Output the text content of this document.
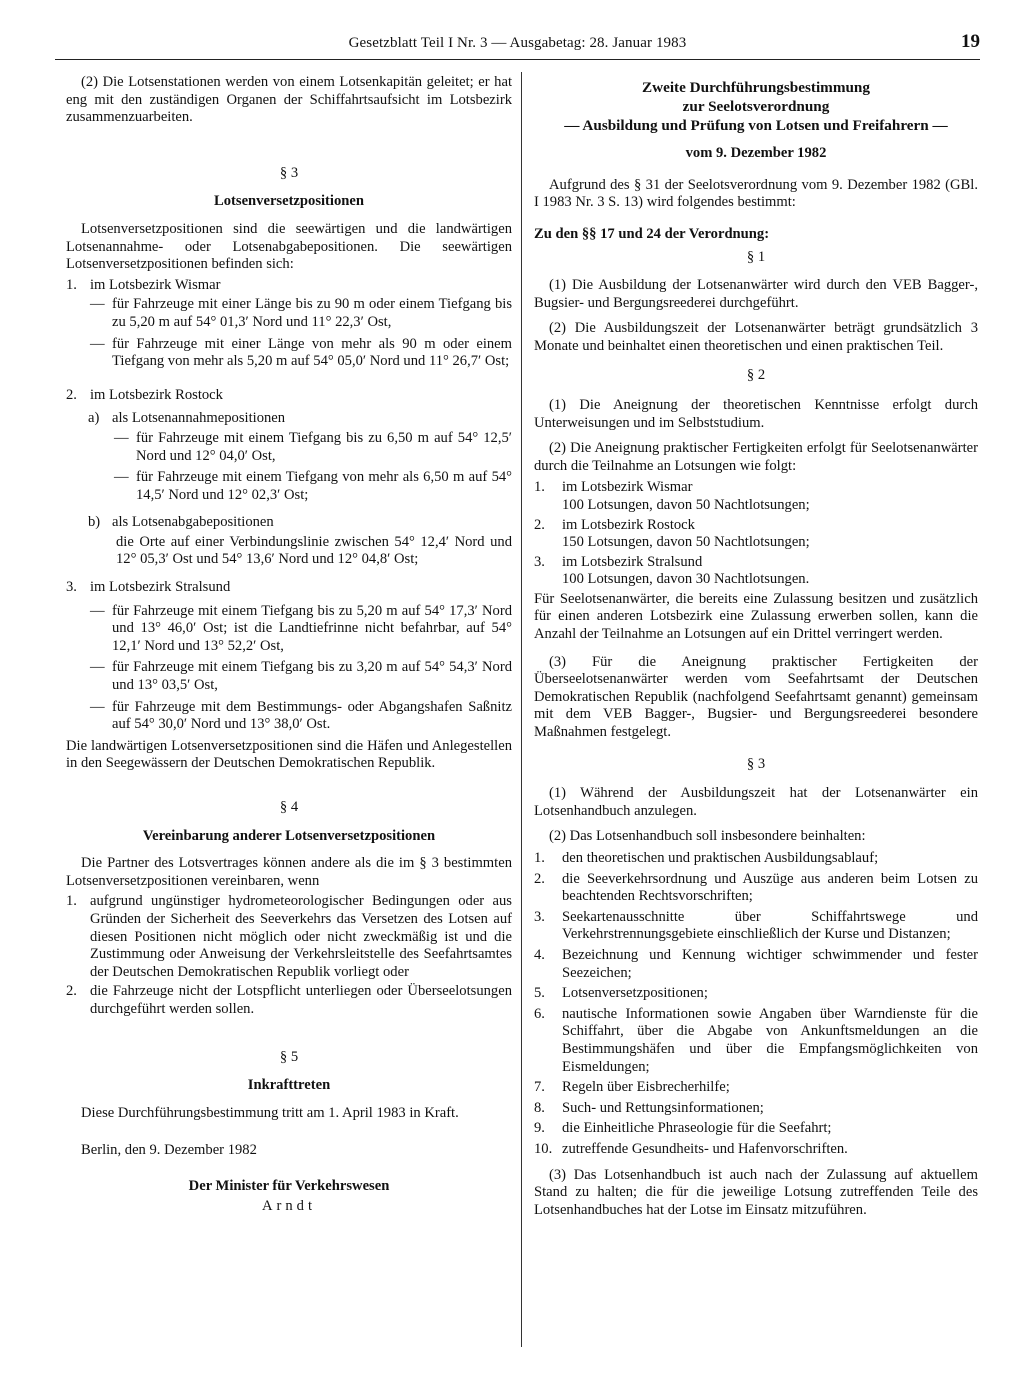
Gesetzblatt Teil I Nr. 3 — Ausgabetag: 28. Januar 1983	19

(2) Die Lotsenstationen werden von einem Lotsenkapitän geleitet; er hat eng mit den zuständigen Organen der Schiffahrtsaufsicht im Lotsbezirk zusammenzuarbeiten.

§ 3

Lotsenversetzpositionen

Lotsenversetzpositionen sind die seewärtigen und die landwärtigen Lotsenannahme- oder Lotsenabgabepositionen. Die seewärtigen Lotsenversetzpositionen befinden sich:

1. im Lotsbezirk Wismar
— für Fahrzeuge mit einer Länge bis zu 90 m oder einem Tiefgang bis zu 5,20 m auf 54° 01,3′ Nord und 11° 22,3′ Ost,
— für Fahrzeuge mit einer Länge von mehr als 90 m oder einem Tiefgang von mehr als 5,20 m auf 54° 05,0′ Nord und 11° 26,7′ Ost;
2. im Lotsbezirk Rostock
a) als Lotsenannahmepositionen
— für Fahrzeuge mit einem Tiefgang bis zu 6,50 m auf 54° 12,5′ Nord und 12° 04,0′ Ost,
— für Fahrzeuge mit einem Tiefgang von mehr als 6,50 m auf 54° 14,5′ Nord und 12° 02,3′ Ost;
b) als Lotsenabgabepositionen

die Orte auf einer Verbindungslinie zwischen 54° 12,4′ Nord und 12° 05,3′ Ost und 54° 13,6′ Nord und 12° 04,8′ Ost;

3. im Lotsbezirk Stralsund
— für Fahrzeuge mit einem Tiefgang bis zu 5,20 m auf 54° 17,3′ Nord und 13° 46,0′ Ost; ist die Landtiefrinne nicht befahrbar, auf 54° 12,1′ Nord und 13° 52,2′ Ost,
— für Fahrzeuge mit einem Tiefgang bis zu 3,20 m auf 54° 54,3′ Nord und 13° 03,5′ Ost,
— für Fahrzeuge mit dem Bestimmungs- oder Abgangshafen Saßnitz auf 54° 30,0′ Nord und 13° 38,0′ Ost.

Die landwärtigen Lotsenversetzpositionen sind die Häfen und Anlegestellen in den Seegewässern der Deutschen Demokratischen Republik.

§ 4

Vereinbarung anderer Lotsenversetzpositionen

Die Partner des Lotsvertrages können andere als die im § 3 bestimmten Lotsenversetzpositionen vereinbaren, wenn

1. aufgrund ungünstiger hydrometeorologischer Bedingungen oder aus Gründen der Sicherheit des Seeverkehrs das Versetzen des Lotsen auf diesen Positionen nicht möglich oder nicht zweckmäßig ist und die Zustimmung oder Anweisung der Verkehrsleitstelle des Seefahrtsamtes der Deutschen Demokratischen Republik vorliegt oder
2. die Fahrzeuge nicht der Lotspflicht unterliegen oder Überseelotsungen durchgeführt werden sollen.

§ 5

Inkrafttreten

Diese Durchführungsbestimmung tritt am 1. April 1983 in Kraft.

Berlin, den 9. Dezember 1982

Der Minister für Verkehrswesen

Arndt

Zweite Durchführungsbestimmung

zur Seelotsverordnung

— Ausbildung und Prüfung von Lotsen und Freifahrern —

vom 9. Dezember 1982

Aufgrund des § 31 der Seelotsverordnung vom 9. Dezember 1982 (GBl. I 1983 Nr. 3 S. 13) wird folgendes bestimmt:

Zu den §§ 17 und 24 der Verordnung:

§ 1

(1) Die Ausbildung der Lotsenanwärter wird durch den VEB Bagger-, Bugsier- und Bergungsreederei durchgeführt.

(2) Die Ausbildungszeit der Lotsenanwärter beträgt grundsätzlich 3 Monate und beinhaltet einen theoretischen und einen praktischen Teil.

§ 2

(1) Die Aneignung der theoretischen Kenntnisse erfolgt durch Unterweisungen und im Selbststudium.

(2) Die Aneignung praktischer Fertigkeiten erfolgt für Seelotsenanwärter durch die Teilnahme an Lotsungen wie folgt:

1.	im Lotsbezirk Wismar
100 Lotsungen, davon 50 Nachtlotsungen;
2.	im Lotsbezirk Rostock
150 Lotsungen, davon 50 Nachtlotsungen;
3.	im Lotsbezirk Stralsund
100 Lotsungen, davon 30 Nachtlotsungen.

Für Seelotsenanwärter, die bereits eine Zulassung besitzen und zusätzlich für einen anderen Lotsbezirk eine Zulassung erwerben sollen, kann die Anzahl der Teilnahme an Lotsungen auf ein Drittel verringert werden.

(3) Für die Aneignung praktischer Fertigkeiten der Überseelotsenanwärter werden vom Seefahrtsamt der Deutschen Demokratischen Republik (nachfolgend Seefahrtsamt genannt) gemeinsam mit dem VEB Bagger-, Bugsier- und Bergungsreederei besondere Maßnahmen festgelegt.

§ 3

(1) Während der Ausbildungszeit hat der Lotsenanwärter ein Lotsenhandbuch anzulegen.

(2) Das Lotsenhandbuch soll insbesondere beinhalten:

1.	den theoretischen und praktischen Ausbildungsablauf;
2.	die Seeverkehrsordnung und Auszüge aus anderen beim Lotsen zu beachtenden Rechtsvorschriften;
3.	Seekartenausschnitte über Schiffahrtswege und Verkehrstrennungsgebiete einschließlich der Kurse und Distanzen;
4.	Bezeichnung und Kennung wichtiger schwimmender und fester Seezeichen;
5.	Lotsenversetzpositionen;
6.	nautische Informationen sowie Angaben über Warndienste für die Schiffahrt, über die Abgabe von Ankunftsmeldungen an die Bestimmungshäfen und über die Empfangsmöglichkeiten von Eismeldungen;
7.	Regeln über Eisbrecherhilfe;
8.	Such- und Rettungsinformationen;
9.	die Einheitliche Phraseologie für die Seefahrt;
10. zutreffende Gesundheits- und Hafenvorschriften.

(3) Das Lotsenhandbuch ist auch nach der Zulassung auf aktuellem Stand zu halten; die für die jeweilige Lotsung zutreffenden Teile des Lotsenhandbuches hat der Lotse im Einsatz mitzuführen.
